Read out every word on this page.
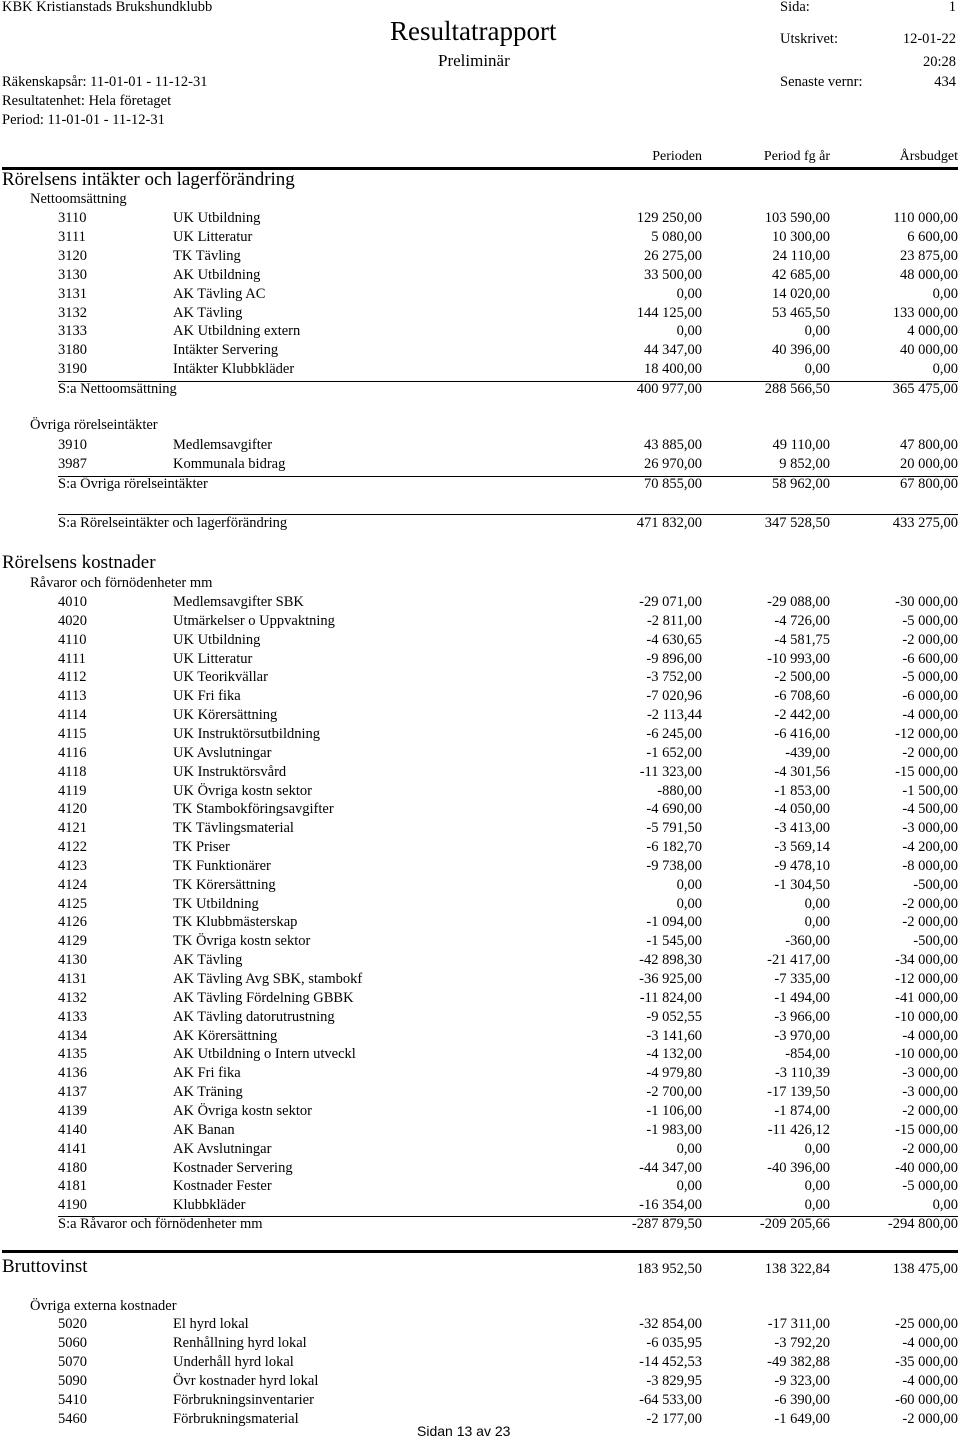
KBK Kristianstads Brukshundklubb
Resultatrapport
Preliminär
Sida:	1
Utskrivet:	12-01-22
20:28
Räkenskapsår: 11-01-01 - 11-12-31
Resultatenhet: Hela företaget
Period: 11-01-01 - 11-12-31
Senaste vernr:	434
Perioden	Period fg år	Årsbudget
Rörelsens intäkter och lagerförändring
Nettoomsättning
3110	UK Utbildning	129 250,00	103 590,00	110 000,00
3111	UK Litteratur	5 080,00	10 300,00	6 600,00
3120	TK Tävling	26 275,00	24 110,00	23 875,00
3130	AK Utbildning	33 500,00	42 685,00	48 000,00
3131	AK Tävling AC	0,00	14 020,00	0,00
3132	AK Tävling	144 125,00	53 465,50	133 000,00
3133	AK Utbildning extern	0,00	0,00	4 000,00
3180	Intäkter Servering	44 347,00	40 396,00	40 000,00
3190	Intäkter Klubbkläder	18 400,00	0,00	0,00
S:a Nettoomsättning	400 977,00	288 566,50	365 475,00
Övriga rörelseintäkter
3910	Medlemsavgifter	43 885,00	49 110,00	47 800,00
3987	Kommunala bidrag	26 970,00	9 852,00	20 000,00
S:a Övriga rörelseintäkter	70 855,00	58 962,00	67 800,00
S:a Rörelseintäkter och lagerförändring	471 832,00	347 528,50	433 275,00
Rörelsens kostnader
Råvaror och förnödenheter mm
4010	Medlemsavgifter SBK	-29 071,00	-29 088,00	-30 000,00
4020	Utmärkelser o Uppvaktning	-2 811,00	-4 726,00	-5 000,00
4110	UK Utbildning	-4 630,65	-4 581,75	-2 000,00
4111	UK Litteratur	-9 896,00	-10 993,00	-6 600,00
4112	UK Teorikvällar	-3 752,00	-2 500,00	-5 000,00
4113	UK Fri fika	-7 020,96	-6 708,60	-6 000,00
4114	UK Körersättning	-2 113,44	-2 442,00	-4 000,00
4115	UK Instruktörsutbildning	-6 245,00	-6 416,00	-12 000,00
4116	UK Avslutningar	-1 652,00	-439,00	-2 000,00
4118	UK Instruktörsvård	-11 323,00	-4 301,56	-15 000,00
4119	UK Övriga kostn sektor	-880,00	-1 853,00	-1 500,00
4120	TK Stambokföringsavgifter	-4 690,00	-4 050,00	-4 500,00
4121	TK Tävlingsmaterial	-5 791,50	-3 413,00	-3 000,00
4122	TK Priser	-6 182,70	-3 569,14	-4 200,00
4123	TK Funktionärer	-9 738,00	-9 478,10	-8 000,00
4124	TK Körersättning	0,00	-1 304,50	-500,00
4125	TK Utbildning	0,00	0,00	-2 000,00
4126	TK Klubbmästerskap	-1 094,00	0,00	-2 000,00
4129	TK Övriga kostn sektor	-1 545,00	-360,00	-500,00
4130	AK Tävling	-42 898,30	-21 417,00	-34 000,00
4131	AK Tävling Avg SBK, stambokf	-36 925,00	-7 335,00	-12 000,00
4132	AK Tävling Fördelning GBBK	-11 824,00	-1 494,00	-41 000,00
4133	AK Tävling datorutrustning	-9 052,55	-3 966,00	-10 000,00
4134	AK Körersättning	-3 141,60	-3 970,00	-4 000,00
4135	AK Utbildning o Intern utveckl	-4 132,00	-854,00	-10 000,00
4136	AK Fri fika	-4 979,80	-3 110,39	-3 000,00
4137	AK Träning	-2 700,00	-17 139,50	-3 000,00
4139	AK Övriga kostn sektor	-1 106,00	-1 874,00	-2 000,00
4140	AK Banan	-1 983,00	-11 426,12	-15 000,00
4141	AK Avslutningar	0,00	0,00	-2 000,00
4180	Kostnader Servering	-44 347,00	-40 396,00	-40 000,00
4181	Kostnader Fester	0,00	0,00	-5 000,00
4190	Klubbkläder	-16 354,00	0,00	0,00
S:a Råvaror och förnödenheter mm	-287 879,50	-209 205,66	-294 800,00
Bruttovinst	183 952,50	138 322,84	138 475,00
Övriga externa kostnader
5020	El hyrd lokal	-32 854,00	-17 311,00	-25 000,00
5060	Renhållning hyrd lokal	-6 035,95	-3 792,20	-4 000,00
5070	Underhåll hyrd lokal	-14 452,53	-49 382,88	-35 000,00
5090	Övr kostnader hyrd lokal	-3 829,95	-9 323,00	-4 000,00
5410	Förbrukningsinventarier	-64 533,00	-6 390,00	-60 000,00
5460	Förbrukningsmaterial	-2 177,00	-1 649,00	-2 000,00
Sidan 13 av 23
